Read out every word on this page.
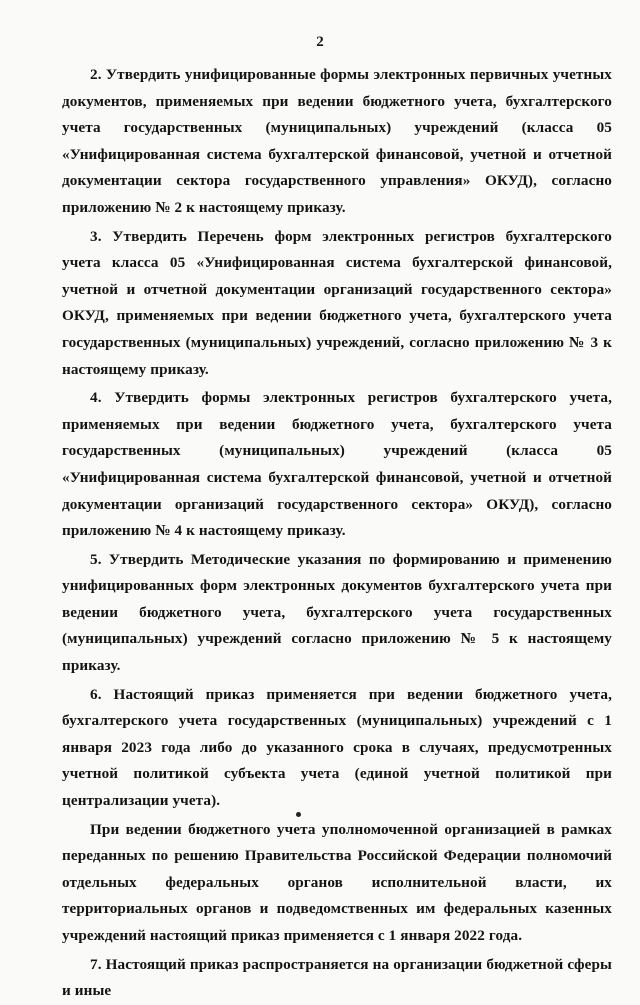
2

2. Утвердить унифицированные формы электронных первичных учетных документов, применяемых при ведении бюджетного учета, бухгалтерского учета государственных (муниципальных) учреждений (класса 05 «Унифицированная система бухгалтерской финансовой, учетной и отчетной документации сектора государственного управления» ОКУД), согласно приложению № 2 к настоящему приказу.

3. Утвердить Перечень форм электронных регистров бухгалтерского учета класса 05 «Унифицированная система бухгалтерской финансовой, учетной и отчетной документации организаций государственного сектора» ОКУД, применяемых при ведении бюджетного учета, бухгалтерского учета государственных (муниципальных) учреждений, согласно приложению № 3 к настоящему приказу.

4. Утвердить формы электронных регистров бухгалтерского учета, применяемых при ведении бюджетного учета, бухгалтерского учета государственных (муниципальных) учреждений (класса 05 «Унифицированная система бухгалтерской финансовой, учетной и отчетной документации организаций государственного сектора» ОКУД), согласно приложению № 4 к настоящему приказу.

5. Утвердить Методические указания по формированию и применению унифицированных форм электронных документов бухгалтерского учета при ведении бюджетного учета, бухгалтерского учета государственных (муниципальных) учреждений согласно приложению № 5 к настоящему приказу.

6. Настоящий приказ применяется при ведении бюджетного учета, бухгалтерского учета государственных (муниципальных) учреждений с 1 января 2023 года либо до указанного срока в случаях, предусмотренных учетной политикой субъекта учета (единой учетной политикой при централизации учета).

При ведении бюджетного учета уполномоченной организацией в рамках переданных по решению Правительства Российской Федерации полномочий отдельных федеральных органов исполнительной власти, их территориальных органов и подведомственных им федеральных казенных учреждений настоящий приказ применяется с 1 января 2022 года.

7. Настоящий приказ распространяется на организации бюджетной сферы и иные
